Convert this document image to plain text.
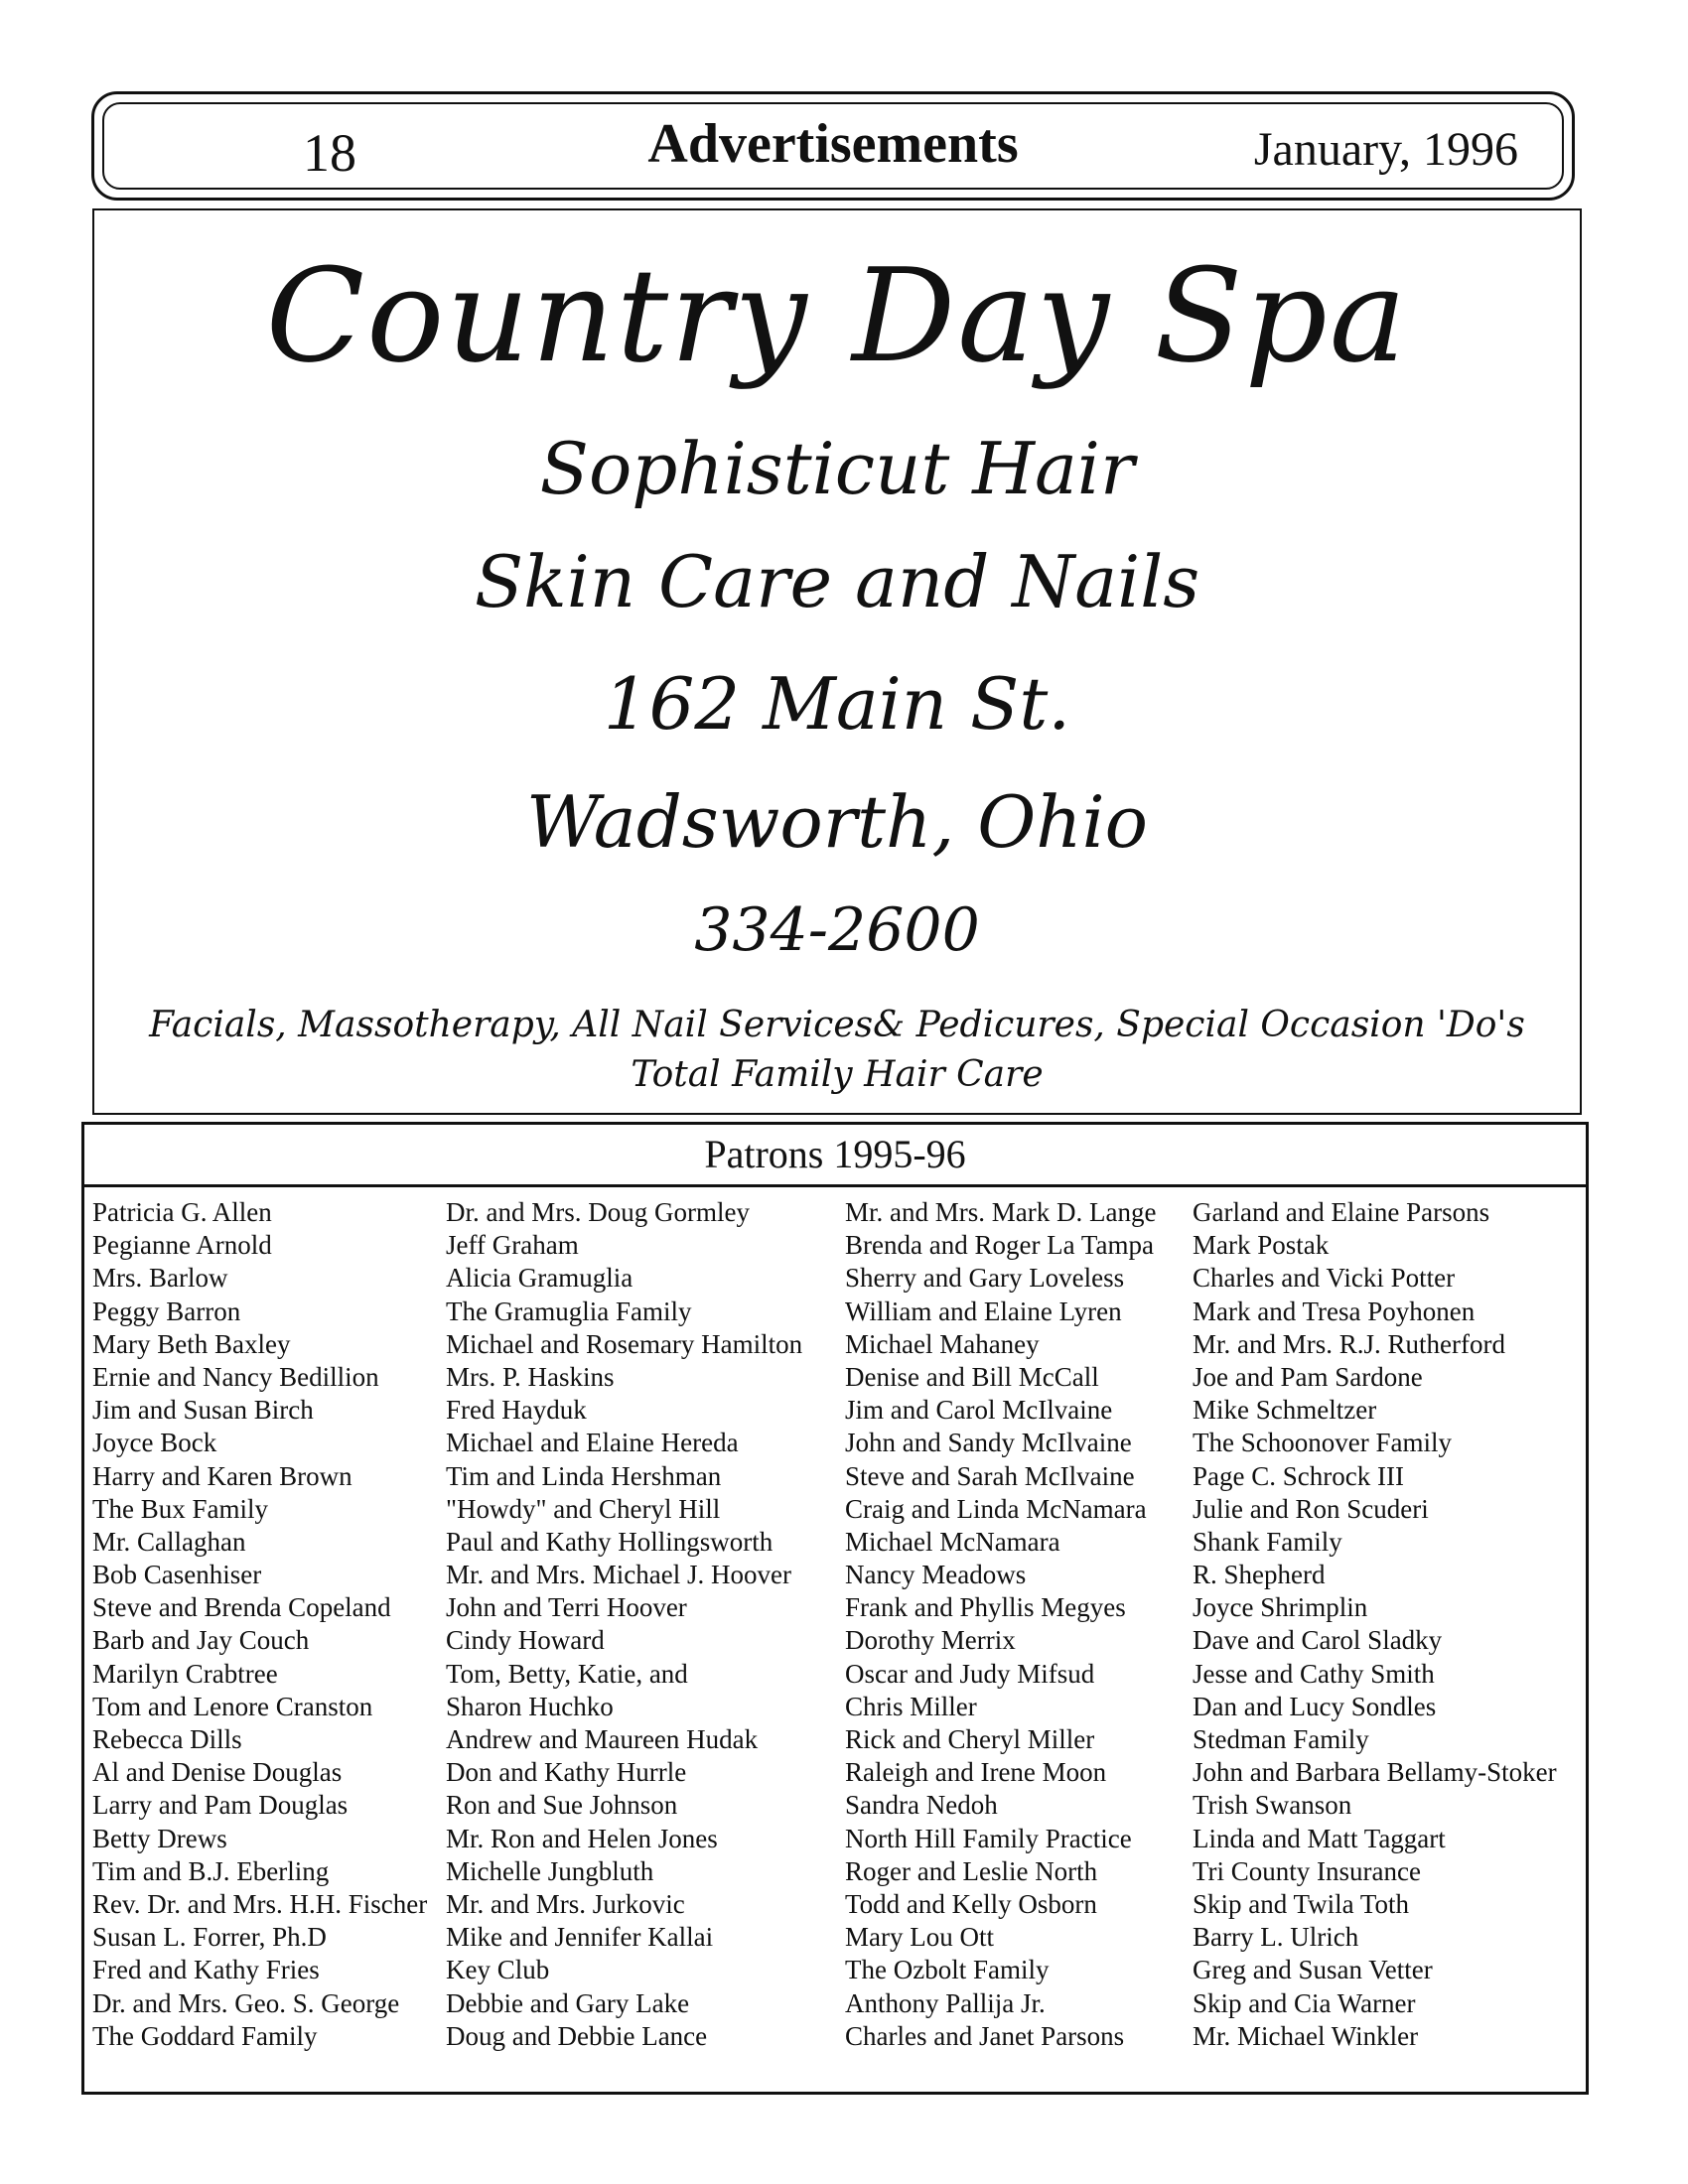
18	Advertisements	January, 1996
Country Day Spa
Sophisticut Hair
Skin Care and Nails
162 Main St.
Wadsworth, Ohio
334-2600
Facials, Massotherapy, All Nail Services& Pedicures, Special Occasion 'Do's
Total Family Hair Care
Patrons 1995-96
Patricia G. Allen
Pegianne Arnold
Mrs. Barlow
Peggy Barron
Mary Beth Baxley
Ernie and Nancy Bedillion
Jim and Susan Birch
Joyce Bock
Harry and Karen Brown
The Bux Family
Mr. Callaghan
Bob Casenhiser
Steve and Brenda Copeland
Barb and Jay Couch
Marilyn Crabtree
Tom and Lenore Cranston
Rebecca Dills
Al and Denise Douglas
Larry and Pam Douglas
Betty Drews
Tim and B.J. Eberling
Rev. Dr. and Mrs. H.H. Fischer
Susan L. Forrer, Ph.D
Fred and Kathy Fries
Dr. and Mrs. Geo. S. George
The Goddard Family
Dr. and Mrs. Doug Gormley
Jeff Graham
Alicia Gramuglia
The Gramuglia Family
Michael and Rosemary Hamilton
Mrs. P. Haskins
Fred Hayduk
Michael and Elaine Hereda
Tim and Linda Hershman
"Howdy" and Cheryl Hill
Paul and Kathy Hollingsworth
Mr. and Mrs. Michael J. Hoover
John and Terri Hoover
Cindy Howard
Tom, Betty, Katie, and
Sharon Huchko
Andrew and Maureen Hudak
Don and Kathy Hurrle
Ron and Sue Johnson
Mr. Ron and Helen Jones
Michelle Jungbluth
Mr. and Mrs. Jurkovic
Mike and Jennifer Kallai
Key Club
Debbie and Gary Lake
Doug and Debbie Lance
Mr. and Mrs. Mark D. Lange
Brenda and Roger La Tampa
Sherry and Gary Loveless
William and Elaine Lyren
Michael Mahaney
Denise and Bill McCall
Jim and Carol McIlvaine
John and Sandy McIlvaine
Steve and Sarah McIlvaine
Craig and Linda McNamara
Michael McNamara
Nancy Meadows
Frank and Phyllis Megyes
Dorothy Merrix
Oscar and Judy Mifsud
Chris Miller
Rick and Cheryl Miller
Raleigh and Irene Moon
Sandra Nedoh
North Hill Family Practice
Roger and Leslie North
Todd and Kelly Osborn
Mary Lou Ott
The Ozbolt Family
Anthony Pallija Jr.
Charles and Janet Parsons
Garland and Elaine Parsons
Mark Postak
Charles and Vicki Potter
Mark and Tresa Poyhonen
Mr. and Mrs. R.J. Rutherford
Joe and Pam Sardone
Mike Schmeltzer
The Schoonover Family
Page C. Schrock III
Julie and Ron Scuderi
Shank Family
R. Shepherd
Joyce Shrimplin
Dave and Carol Sladky
Jesse and Cathy Smith
Dan and Lucy Sondles
Stedman Family
John and Barbara Bellamy-Stoker
Trish Swanson
Linda and Matt Taggart
Tri County Insurance
Skip and Twila Toth
Barry L. Ulrich
Greg and Susan Vetter
Skip and Cia Warner
Mr. Michael Winkler
